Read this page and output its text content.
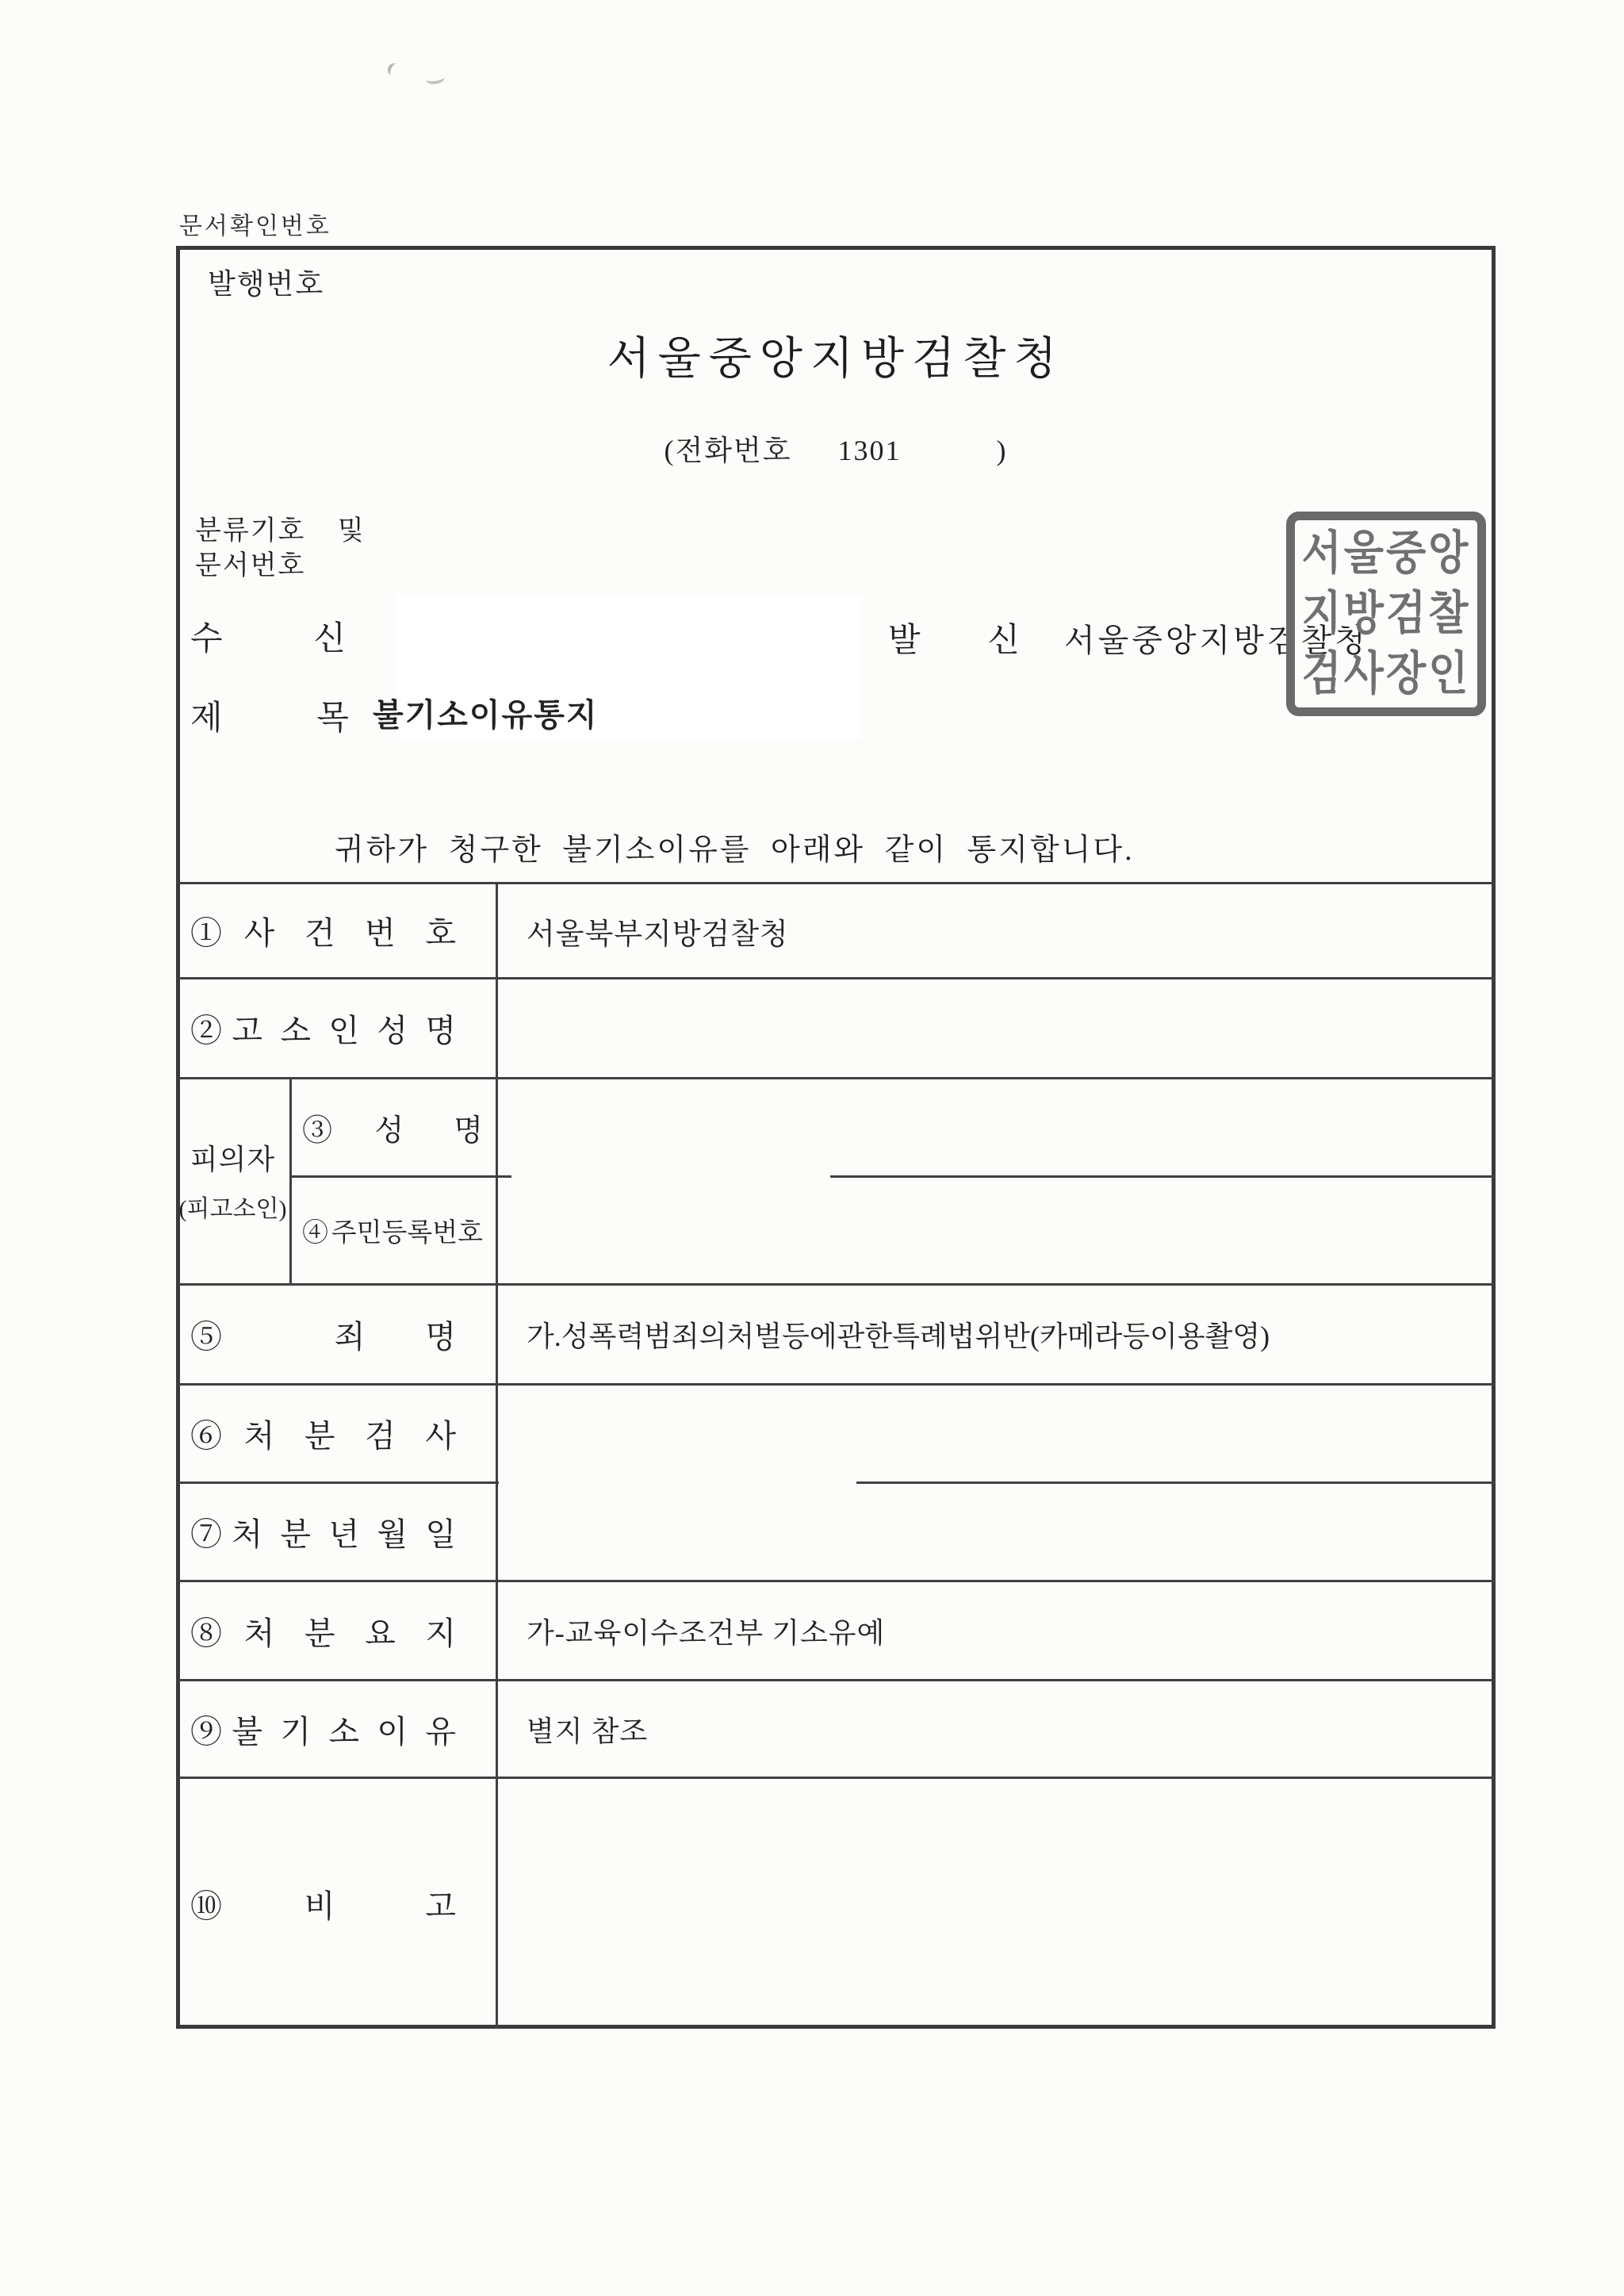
문서확인번호
발행번호
서울중앙지방검찰청
(전화번호 1301	)
분류기호 및
문서번호
수 신	발 신 서울중앙지방검찰청
서울중앙
지방검찰
검사장인
제 목 불기소이유통지
귀하가 청구한 불기소이유를 아래와 같이 통지합니다.
①사 건 번 호
②고 소 인 성 명
피의자
(피고소인)
③성 명
④주민등록번호
⑤ 죄 명
⑥처 분 검 사
⑦처 분 년 월 일
⑧처 분 요 지
⑨불 기 소 이 유
⑩비 고
서울북부지방검찰청
가.성폭력범죄의처벌등에관한특례법위반(카메라등이용촬영)
가-교육이수조건부 기소유예
별지 참조
